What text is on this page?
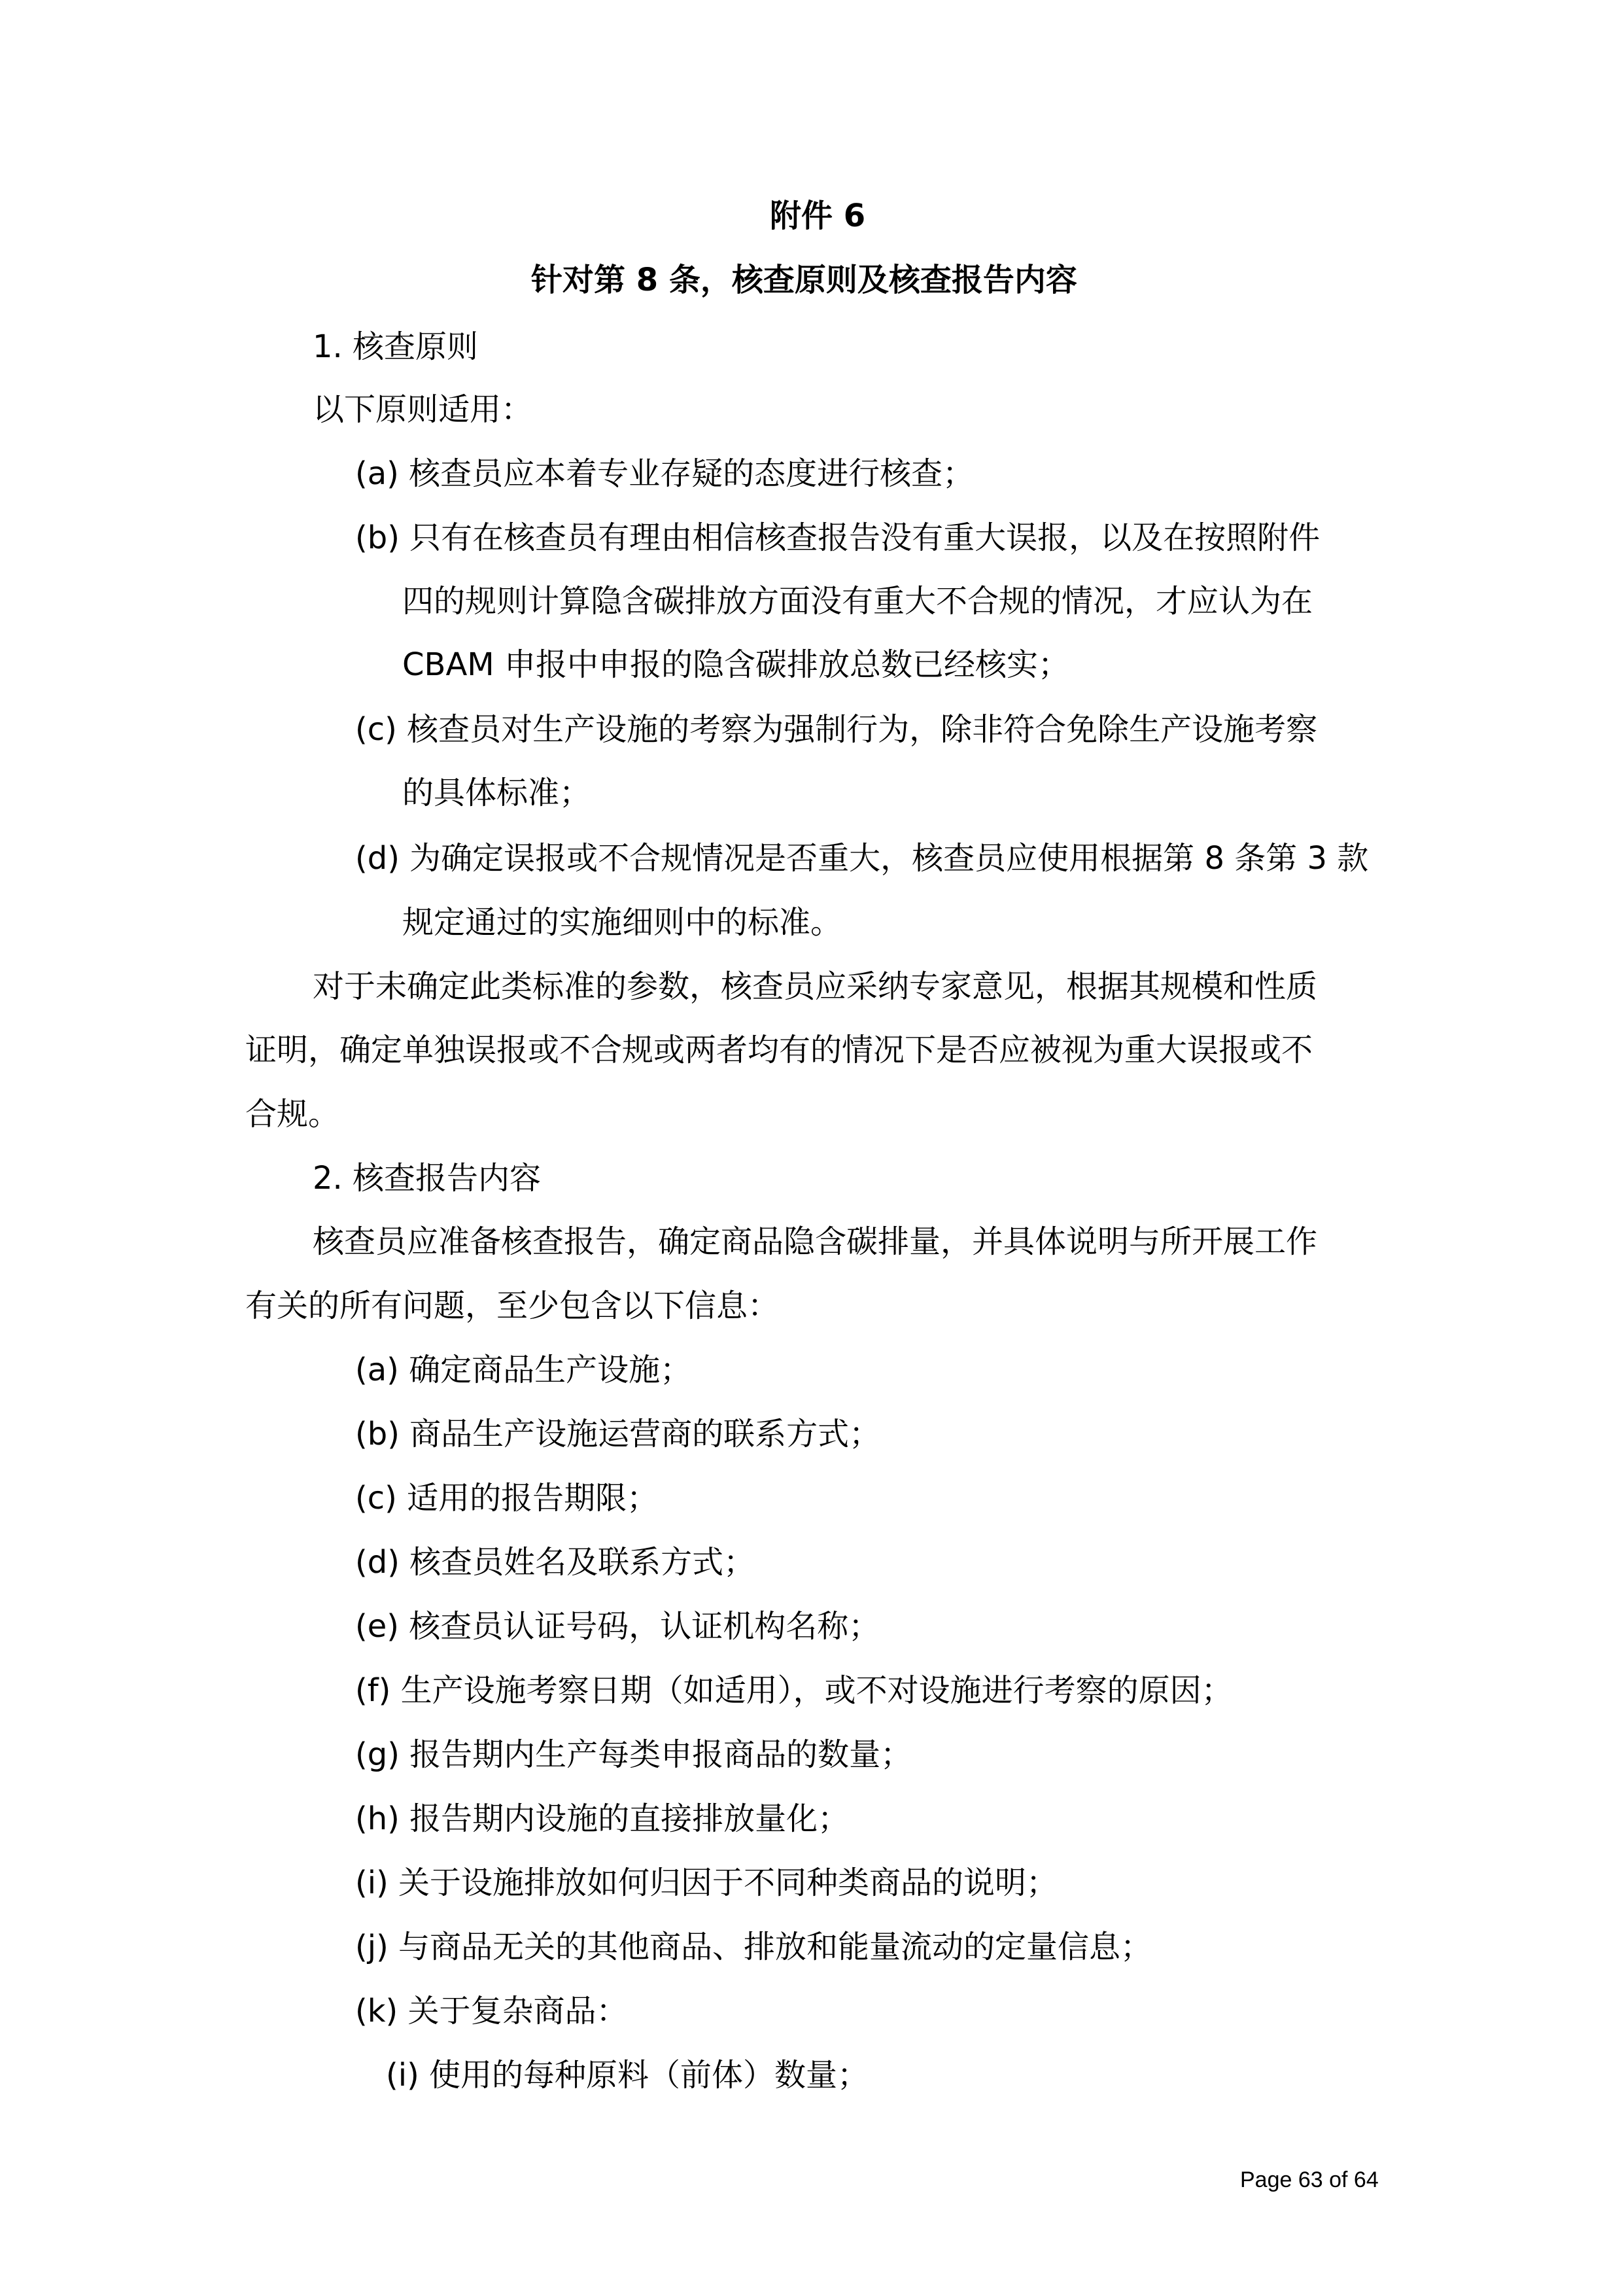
附件 6
针对第 8 条，核查原则及核查报告内容
1. 核查原则
以下原则适用：
(a) 核查员应本着专业存疑的态度进行核查；
(b) 只有在核查员有理由相信核查报告没有重大误报，以及在按照附件
四的规则计算隐含碳排放方面没有重大不合规的情况，才应认为在
CBAM 申报中申报的隐含碳排放总数已经核实；
(c) 核查员对生产设施的考察为强制行为，除非符合免除生产设施考察
的具体标准；
(d) 为确定误报或不合规情况是否重大，核查员应使用根据第 8 条第 3 款
规定通过的实施细则中的标准。
对于未确定此类标准的参数，核查员应采纳专家意见，根据其规模和性质
证明，确定单独误报或不合规或两者均有的情况下是否应被视为重大误报或不
合规。
2. 核查报告内容
核查员应准备核查报告，确定商品隐含碳排量，并具体说明与所开展工作
有关的所有问题，至少包含以下信息：
(a) 确定商品生产设施；
(b) 商品生产设施运营商的联系方式；
(c) 适用的报告期限；
(d) 核查员姓名及联系方式；
(e) 核查员认证号码，认证机构名称；
(f) 生产设施考察日期（如适用），或不对设施进行考察的原因；
(g) 报告期内生产每类申报商品的数量；
(h) 报告期内设施的直接排放量化；
(i) 关于设施排放如何归因于不同种类商品的说明；
(j) 与商品无关的其他商品、排放和能量流动的定量信息；
(k) 关于复杂商品：
(i) 使用的每种原料（前体）数量；
Page 63 of 64
